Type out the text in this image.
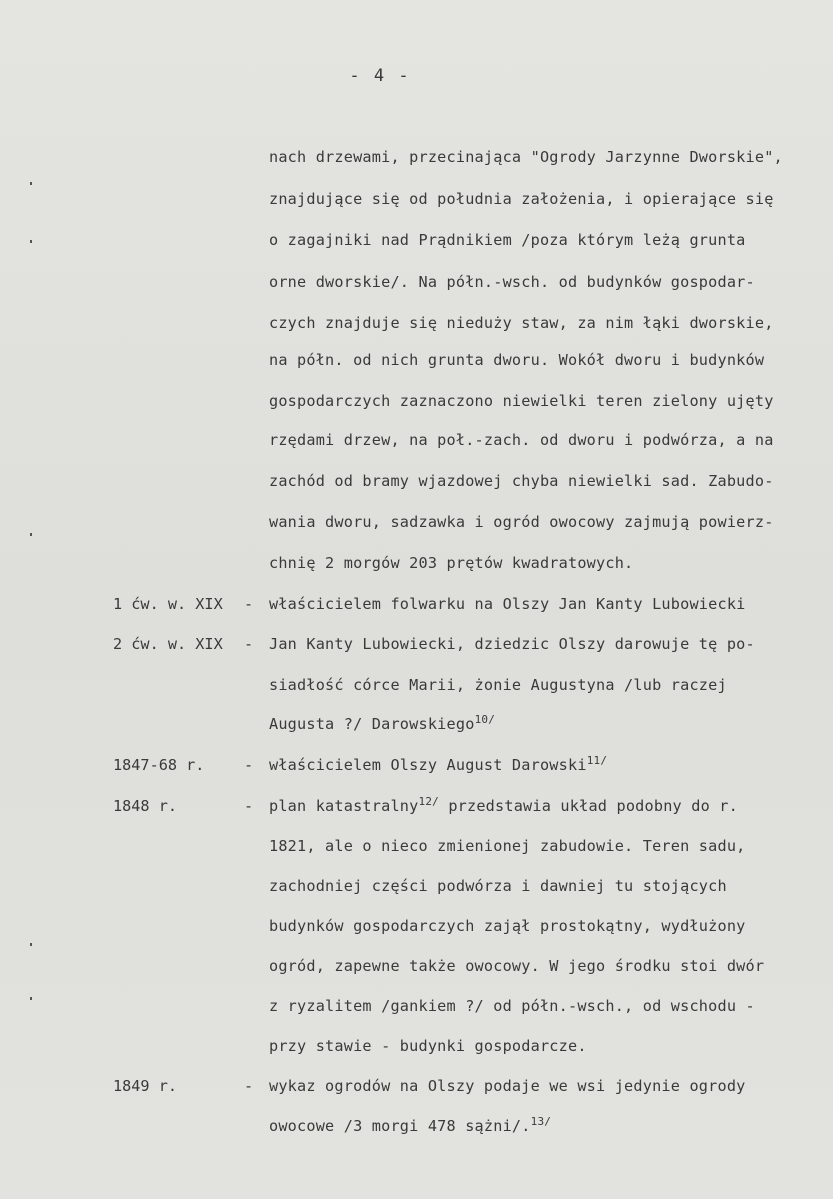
- 4 -
nach drzewami, przecinająca "Ogrody Jarzynne Dworskie",
znajdujące się od południa założenia, i opierające się
o zagajniki nad Prądnikiem /poza którym leżą grunta
orne dworskie/. Na półn.-wsch. od budynków gospodar-
czych znajduje się nieduży staw, za nim łąki dworskie,
na półn. od nich grunta dworu. Wokół dworu i budynków
gospodarczych zaznaczono niewielki teren zielony ujęty
rzędami drzew, na poł.-zach. od dworu i podwórza, a na
zachód od bramy wjazdowej chyba niewielki sad. Zabudo-
wania dworu, sadzawka i ogród owocowy zajmują powierz-
chnię 2 morgów 203 prętów kwadratowych.
1 ćw. w. XIX - właścicielem folwarku na Olszy Jan Kanty Lubowiecki
2 ćw. w. XIX - Jan Kanty Lubowiecki, dziedzic Olszy darowuje tę po-
siadłość córce Marii, żonie Augustyna /lub raczej
Augusta ?/ Darowskiego$^{10/}$
1847-68 r.	- właścicielem Olszy August Darowski$^{11/}$
1848 r.	- plan katastralny$^{12/}$ przedstawia układ podobny do r.
1821, ale o nieco zmienionej zabudowie. Teren sadu,
zachodniej części podwórza i dawniej tu stojących
budynków gospodarczych zajął prostokątny, wydłużony
ogród, zapewne także owocowy. W jego środku stoi dwór
z ryzalitem /gankiem ?/ od półn.-wsch., od wschodu -
przy stawie - budynki gospodarcze.
1849 r.	- wykaz ogrodów na Olszy podaje we wsi jedynie ogrody
owocowe /3 morgi 478 sążni/.$^{13/}$
